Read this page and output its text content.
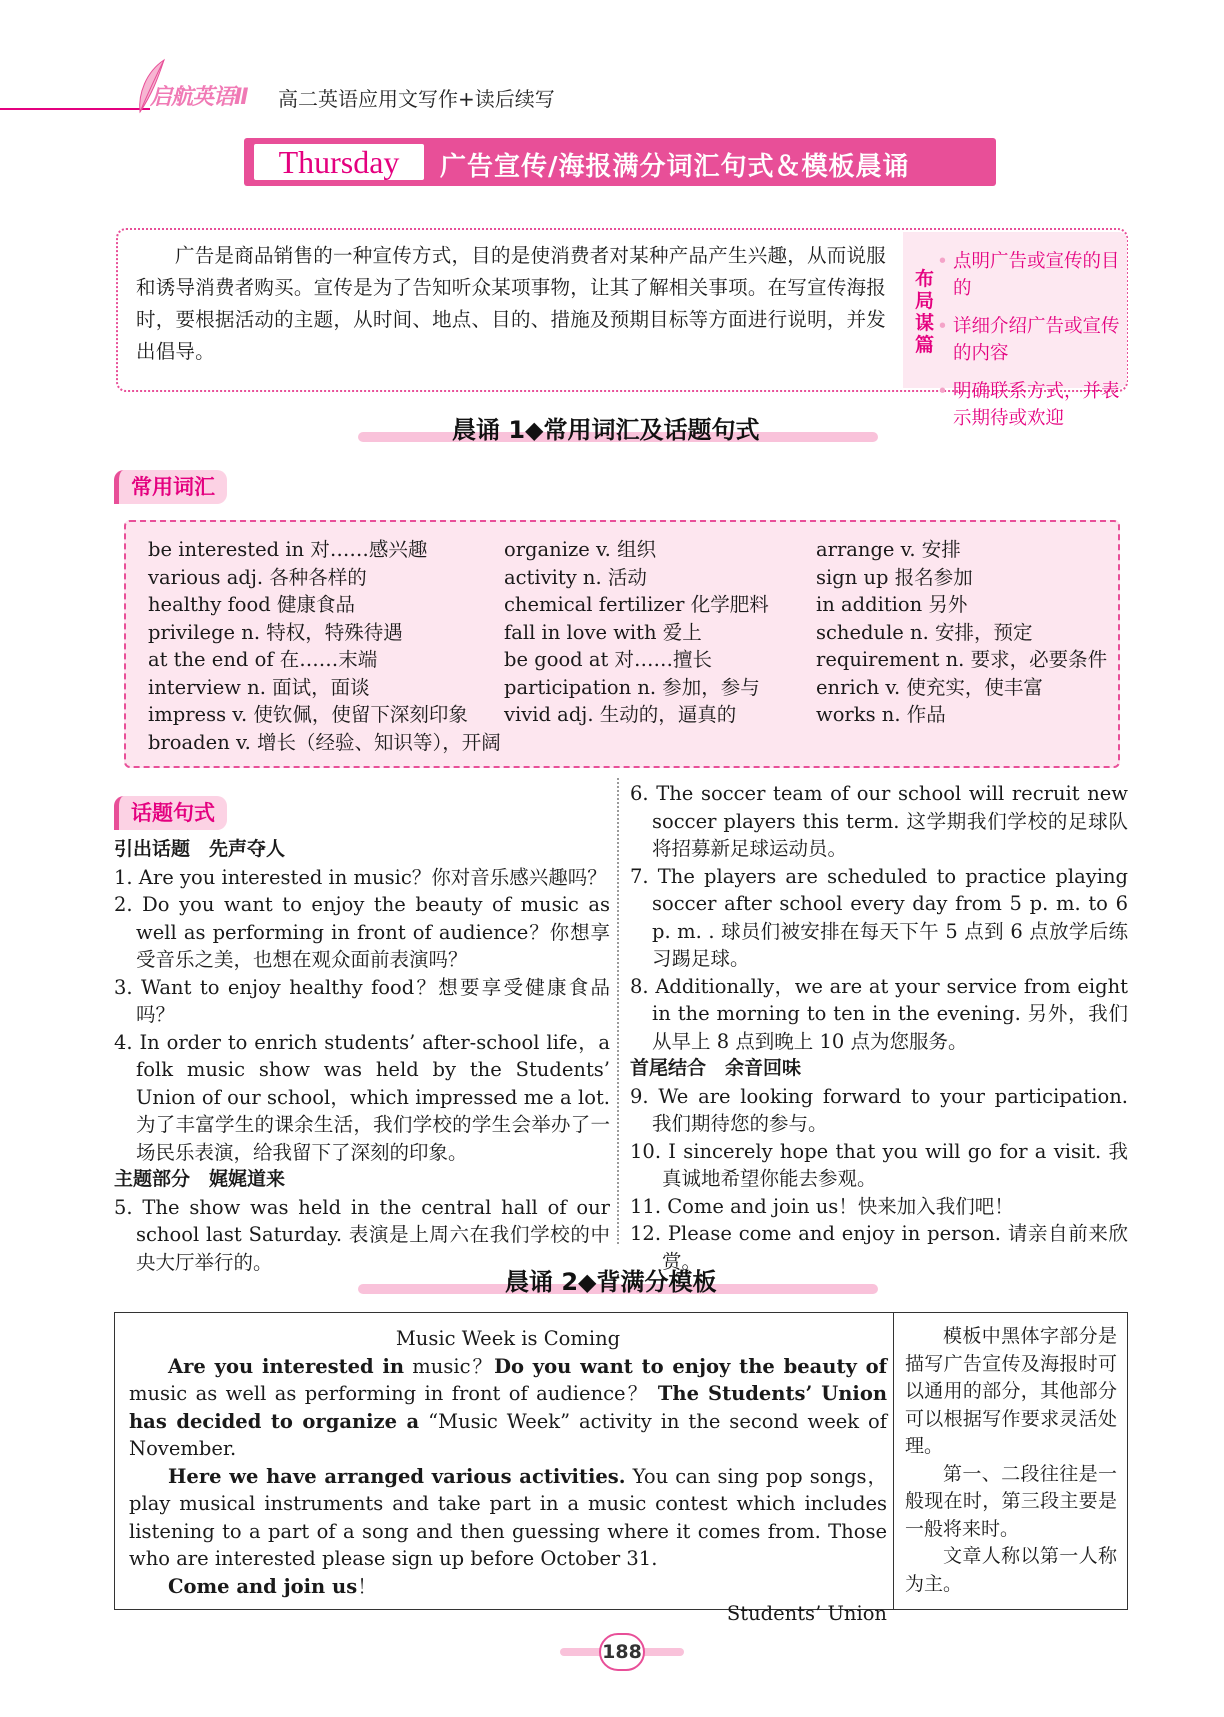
启航英语Ⅱ 高二英语应用文写作+读后续写
Thursday	广告宣传/海报满分词汇句式＆模板晨诵

广告是商品销售的一种宣传方式，目的是使消费者对某种产品产生兴趣，从而说服和诱导消费者购买。宣传是为了告知听众某项事物，让其了解相关事项。在写宣传海报时，要根据活动的主题，从时间、地点、目的、措施及预期目标等方面进行说明，并发出倡导。

布局谋篇
• 点明广告或宣传的目的
• 详细介绍广告或宣传的内容
• 明确联系方式，并表示期待或欢迎
晨诵 1◆常用词汇及话题句式
常用词汇
be interested in 对……感兴趣
various adj. 各种各样的
healthy food 健康食品
privilege n. 特权，特殊待遇
at the end of 在……末端
interview n. 面试，面谈
impress v. 使钦佩，使留下深刻印象
broaden v. 增长（经验、知识等），开阔
organize v. 组织
activity n. 活动
chemical fertilizer 化学肥料
fall in love with 爱上
be good at 对……擅长
participation n. 参加，参与
vivid adj. 生动的，逼真的
arrange v. 安排
sign up 报名参加
in addition 另外
schedule n. 安排，预定
requirement n. 要求，必要条件
enrich v. 使充实，使丰富
works n. 作品
话题句式
引出话题　先声夺人

1. Are you interested in music？你对音乐感兴趣吗？

2. Do you want to enjoy the beauty of music as well as performing in front of audience？你想享受音乐之美，也想在观众面前表演吗？

3. Want to enjoy healthy food？想要享受健康食品吗？

4. In order to enrich students’ after-school life，a folk music show was held by the Students’ Union of our school，which impressed me a lot. 为了丰富学生的课余生活，我们学校的学生会举办了一场民乐表演，给我留下了深刻的印象。

主题部分　娓娓道来

5. The show was held in the central hall of our school last Saturday. 表演是上周六在我们学校的中央大厅举行的。

6. The soccer team of our school will recruit new soccer players this term. 这学期我们学校的足球队将招募新足球运动员。

7. The players are scheduled to practice playing soccer after school every day from 5 p. m. to 6 p. m. . 球员们被安排在每天下午 5 点到 6 点放学后练习踢足球。

8. Additionally，we are at your service from eight in the morning to ten in the evening. 另外，我们从早上 8 点到晚上 10 点为您服务。

首尾结合　余音回味

9. We are looking forward to your participation. 我们期待您的参与。

10. I sincerely hope that you will go for a visit. 我真诚地希望你能去参观。

11. Come and join us！快来加入我们吧！

12. Please come and enjoy in person. 请亲自前来欣赏。

晨诵 2◆背满分模板
Music Week is Coming

Are you interested in music？Do you want to enjoy the beauty of music as well as performing in front of audience？ The Students’ Union has decided to organize a “Music Week” activity in the second week of November.

Here we have arranged various activities. You can sing pop songs，play musical instruments and take part in a music contest which includes listening to a part of a song and then guessing where it comes from. Those who are interested please sign up before October 31.

Come and join us！

Students’ Union

模板中黑体字部分是描写广告宣传及海报时可以通用的部分，其他部分可以根据写作要求灵活处理。

第一、二段往往是一般现在时，第三段主要是一般将来时。

文章人称以第一人称为主。

188
